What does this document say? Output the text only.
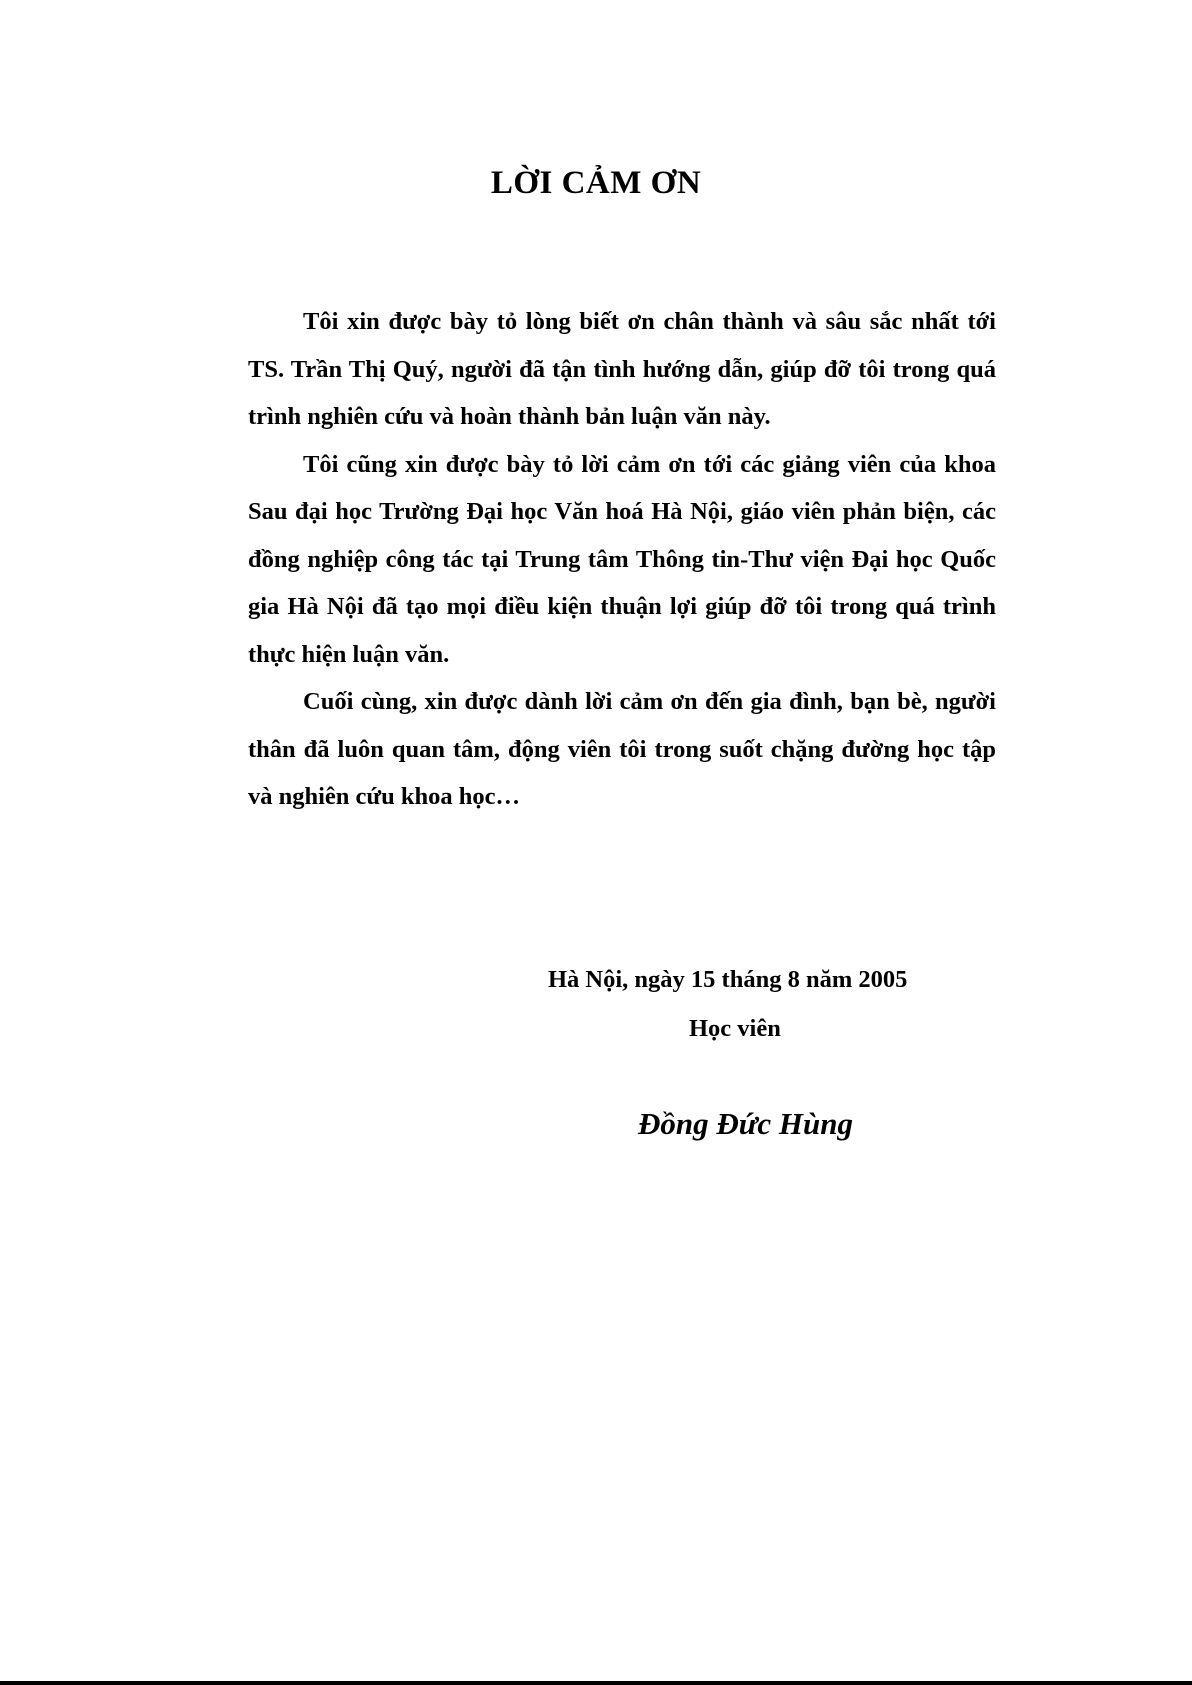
LỜI CẢM ƠN

Tôi xin được bày tỏ lòng biết ơn chân thành và sâu sắc nhất tới TS. Trần Thị Quý, người đã tận tình hướng dẫn, giúp đỡ tôi trong quá trình nghiên cứu và hoàn thành bản luận văn này.

Tôi cũng xin được bày tỏ lời cảm ơn tới các giảng viên của khoa Sau đại học Trường Đại học Văn hoá Hà Nội, giáo viên phản biện, các đồng nghiệp công tác tại Trung tâm Thông tin-Thư viện Đại học Quốc gia Hà Nội đã tạo mọi điều kiện thuận lợi giúp đỡ tôi trong quá trình thực hiện luận văn.

Cuối cùng, xin được dành lời cảm ơn đến gia đình, bạn bè, người thân đã luôn quan tâm, động viên tôi trong suốt chặng đường học tập và nghiên cứu khoa học…

Hà Nội, ngày 15 tháng 8 năm 2005

Học viên

Đồng Đức Hùng
